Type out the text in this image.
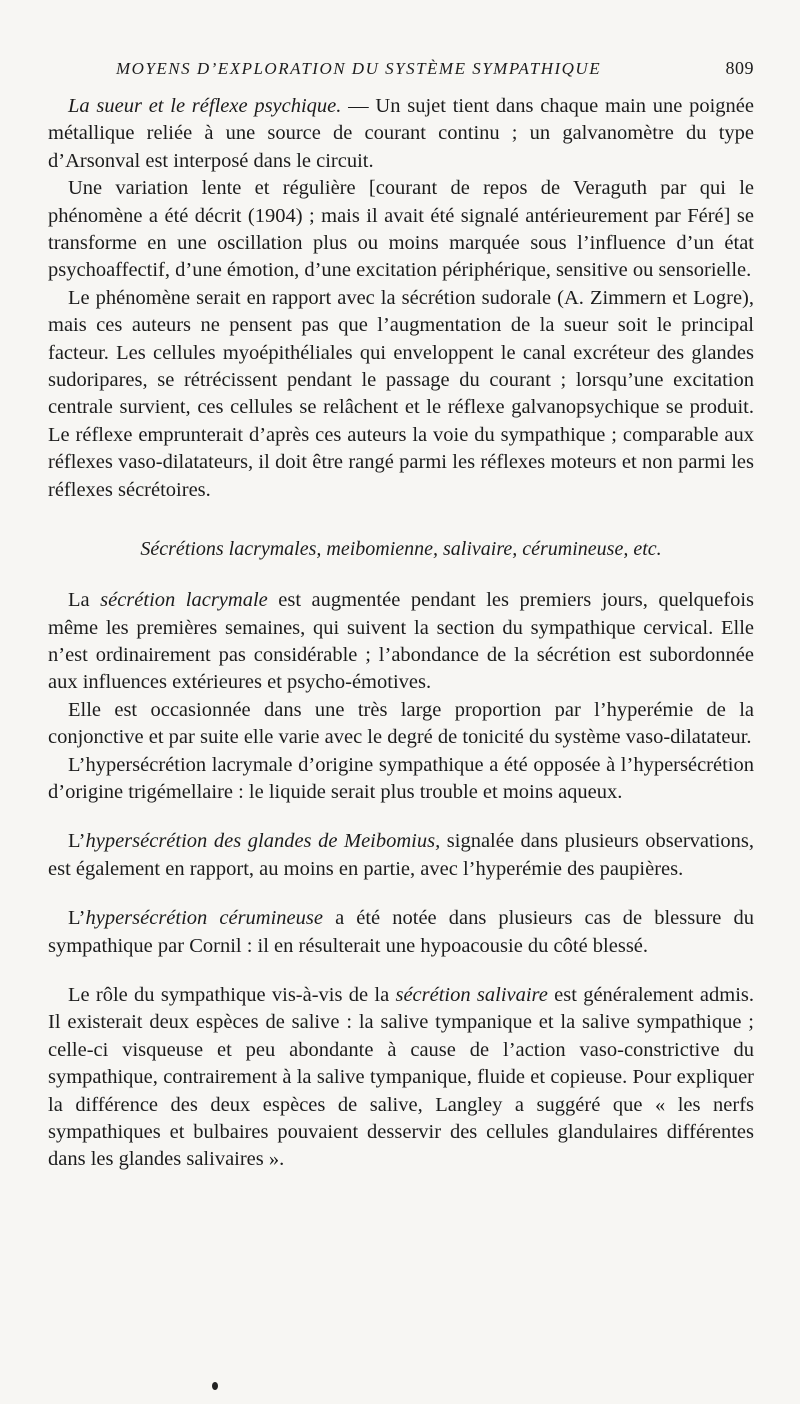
MOYENS D’EXPLORATION DU SYSTÈME SYMPATHIQUE	809

La sueur et le réflexe psychique. — Un sujet tient dans chaque main une poignée métallique reliée à une source de courant continu ; un galvanomètre du type d’Arsonval est interposé dans le circuit.

Une variation lente et régulière [courant de repos de Veraguth par qui le phénomène a été décrit (1904) ; mais il avait été signalé antérieurement par Féré] se transforme en une oscillation plus ou moins marquée sous l’influence d’un état psychoaffectif, d’une émotion, d’une excitation périphérique, sensitive ou sensorielle.

Le phénomène serait en rapport avec la sécrétion sudorale (A. Zimmern et Logre), mais ces auteurs ne pensent pas que l’augmentation de la sueur soit le principal facteur. Les cellules myoépithéliales qui enveloppent le canal excréteur des glandes sudoripares, se rétrécissent pendant le passage du courant ; lorsqu’une excitation centrale survient, ces cellules se relâchent et le réflexe galvanopsychique se produit. Le réflexe emprunterait d’après ces auteurs la voie du sympathique ; comparable aux réflexes vaso-dilatateurs, il doit être rangé parmi les réflexes moteurs et non parmi les réflexes sécrétoires.

Sécrétions lacrymales, meibomienne, salivaire, cérumineuse, etc.

La sécrétion lacrymale est augmentée pendant les premiers jours, quelquefois même les premières semaines, qui suivent la section du sympathique cervical. Elle n’est ordinairement pas considérable ; l’abondance de la sécrétion est subordonnée aux influences extérieures et psycho-émotives.

Elle est occasionnée dans une très large proportion par l’hyperémie de la conjonctive et par suite elle varie avec le degré de tonicité du système vaso-dilatateur.

L’hypersécrétion lacrymale d’origine sympathique a été opposée à l’hypersécrétion d’origine trigémellaire : le liquide serait plus trouble et moins aqueux.

L’hypersécrétion des glandes de Meibomius, signalée dans plusieurs observations, est également en rapport, au moins en partie, avec l’hyperémie des paupières.

L’hypersécrétion cérumineuse a été notée dans plusieurs cas de blessure du sympathique par Cornil : il en résulterait une hypoacousie du côté blessé.

Le rôle du sympathique vis-à-vis de la sécrétion salivaire est généralement admis. Il existerait deux espèces de salive : la salive tympanique et la salive sympathique ; celle-ci visqueuse et peu abondante à cause de l’action vaso-constrictive du sympathique, contrairement à la salive tympanique, fluide et copieuse. Pour expliquer la différence des deux espèces de salive, Langley a suggéré que « les nerfs sympathiques et bulbaires pouvaient desservir des cellules glandulaires différentes dans les glandes salivaires ».
